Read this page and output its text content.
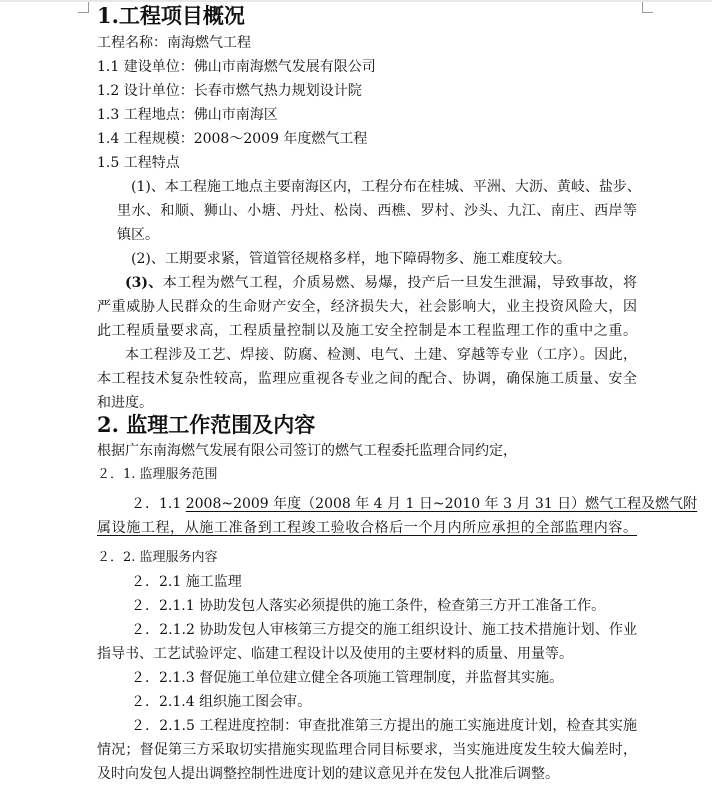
1.工程项目概况
工程名称：南海燃气工程
1.1 建设单位：佛山市南海燃气发展有限公司
1.2 设计单位：长春市燃气热力规划设计院
1.3 工程地点：佛山市南海区
1.4 工程规模：2008～2009 年度燃气工程
1.5 工程特点
(1)、本工程施工地点主要南海区内，工程分布在桂城、平洲、大沥、黄岐、盐步、
里水、和顺、狮山、小塘、丹灶、松岗、西樵、罗村、沙头、九江、南庄、西岸等
镇区。
(2)、工期要求紧，管道管径规格多样，地下障碍物多、施工难度较大。
(3)、本工程为燃气工程，介质易燃、易爆，投产后一旦发生泄漏，导致事故，将
严重威胁人民群众的生命财产安全，经济损失大，社会影响大，业主投资风险大，因
此工程质量要求高，工程质量控制以及施工安全控制是本工程监理工作的重中之重。
本工程涉及工艺、焊接、防腐、检测、电气、土建、穿越等专业（工序）。因此，
本工程技术复杂性较高，监理应重视各专业之间的配合、协调，确保施工质量、安全
和进度。
2. 监理工作范围及内容
根据广东南海燃气发展有限公司签订的燃气工程委托监理合同约定，
２．1. 监理服务范围
２．1.1 2008~2009 年度（2008 年 4 月 1 日~2010 年 3 月 31 日）燃气工程及燃气附
属设施工程，从施工准备到工程竣工验收合格后一个月内所应承担的全部监理内容。
２．2. 监理服务内容
２．2.1 施工监理
２．2.1.1 协助发包人落实必须提供的施工条件，检查第三方开工准备工作。
２．2.1.2 协助发包人审核第三方提交的施工组织设计、施工技术措施计划、作业
指导书、工艺试验评定、临建工程设计以及使用的主要材料的质量、用量等。
２．2.1.3 督促施工单位建立健全各项施工管理制度，并监督其实施。
２．2.1.4 组织施工图会审。
２．2.1.5 工程进度控制：审查批准第三方提出的施工实施进度计划，检查其实施
情况；督促第三方采取切实措施实现监理合同目标要求，当实施进度发生较大偏差时，
及时向发包人提出调整控制性进度计划的建议意见并在发包人批准后调整。
